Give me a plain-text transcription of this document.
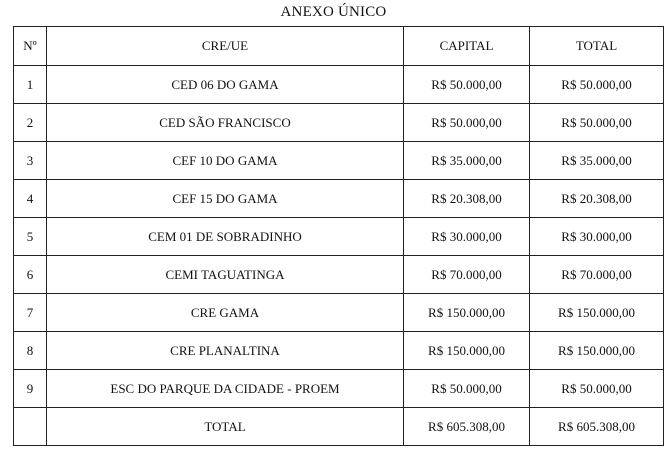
ANEXO ÚNICO
Nº	CRE/UE	CAPITAL	TOTAL
1	CED 06 DO GAMA	R$ 50.000,00	R$ 50.000,00
2	CED SÃO FRANCISCO	R$ 50.000,00	R$ 50.000,00
3	CEF 10 DO GAMA	R$ 35.000,00	R$ 35.000,00
4	CEF 15 DO GAMA	R$ 20.308,00	R$ 20.308,00
5	CEM 01 DE SOBRADINHO	R$ 30.000,00	R$ 30.000,00
6	CEMI TAGUATINGA	R$ 70.000,00	R$ 70.000,00
7	CRE GAMA	R$ 150.000,00	R$ 150.000,00
8	CRE PLANALTINA	R$ 150.000,00	R$ 150.000,00
9	ESC DO PARQUE DA CIDADE - PROEM	R$ 50.000,00	R$ 50.000,00
	TOTAL	R$ 605.308,00	R$ 605.308,00
